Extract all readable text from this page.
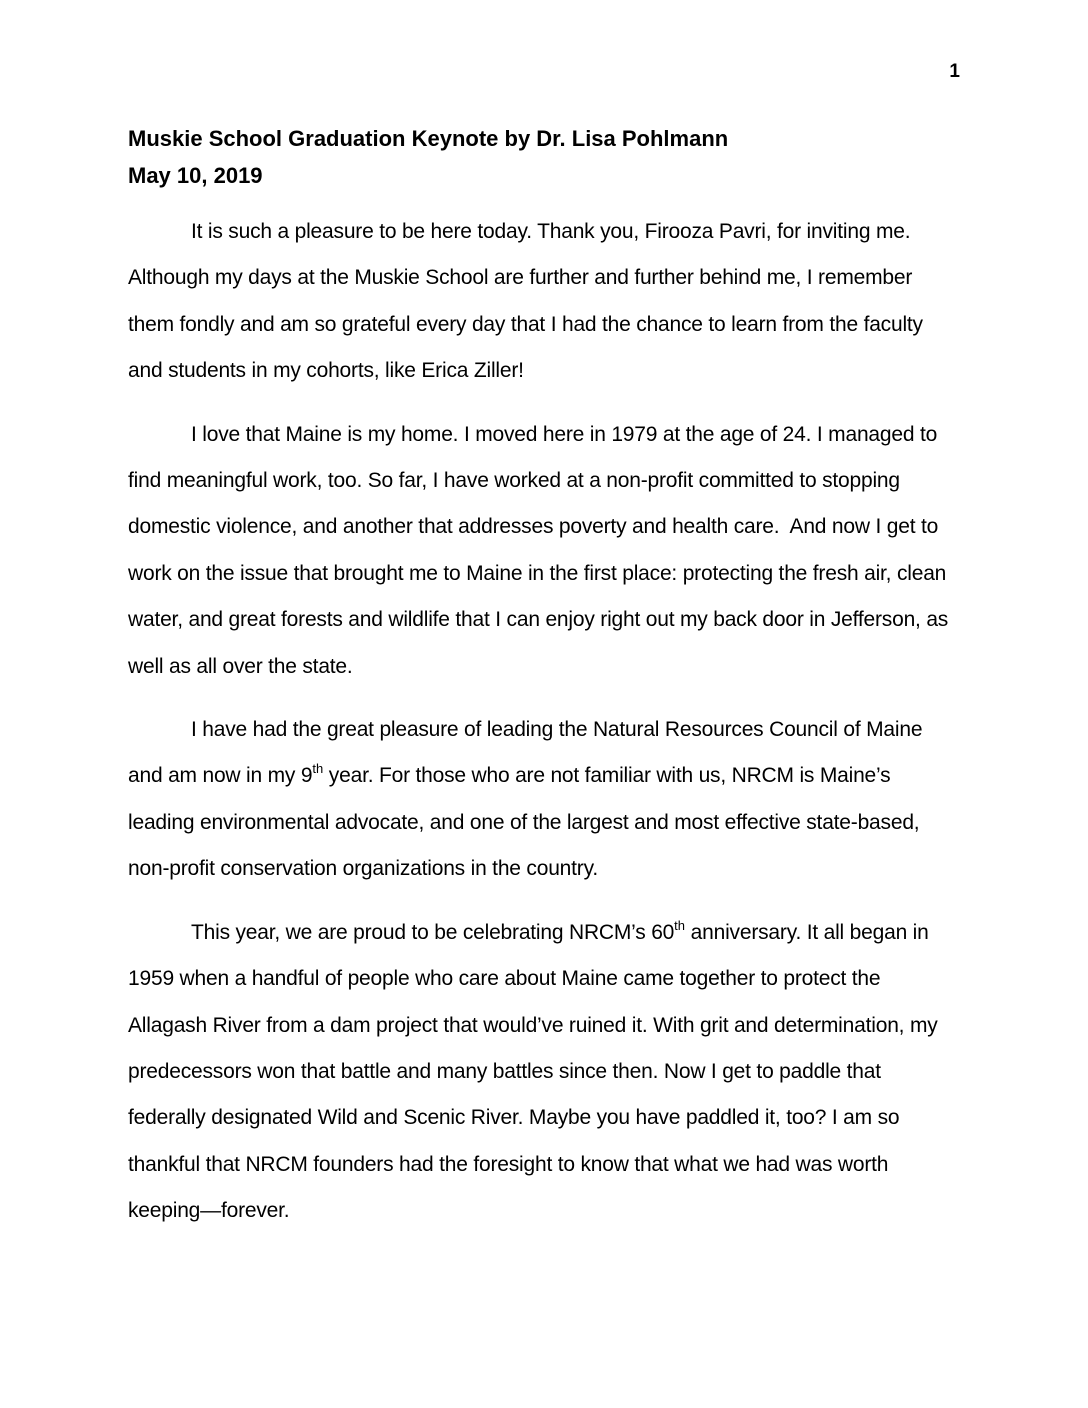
1
Muskie School Graduation Keynote by Dr. Lisa Pohlmann
May 10, 2019

It is such a pleasure to be here today. Thank you, Firooza Pavri, for inviting me. Although my days at the Muskie School are further and further behind me, I remember them fondly and am so grateful every day that I had the chance to learn from the faculty and students in my cohorts, like Erica Ziller!

I love that Maine is my home. I moved here in 1979 at the age of 24. I managed to find meaningful work, too. So far, I have worked at a non-profit committed to stopping domestic violence, and another that addresses poverty and health care.  And now I get to work on the issue that brought me to Maine in the first place: protecting the fresh air, clean water, and great forests and wildlife that I can enjoy right out my back door in Jefferson, as well as all over the state.

I have had the great pleasure of leading the Natural Resources Council of Maine and am now in my 9th year. For those who are not familiar with us, NRCM is Maine’s leading environmental advocate, and one of the largest and most effective state-based, non-profit conservation organizations in the country.

This year, we are proud to be celebrating NRCM’s 60th anniversary. It all began in 1959 when a handful of people who care about Maine came together to protect the Allagash River from a dam project that would’ve ruined it. With grit and determination, my predecessors won that battle and many battles since then. Now I get to paddle that federally designated Wild and Scenic River. Maybe you have paddled it, too? I am so thankful that NRCM founders had the foresight to know that what we had was worth keeping—forever.
